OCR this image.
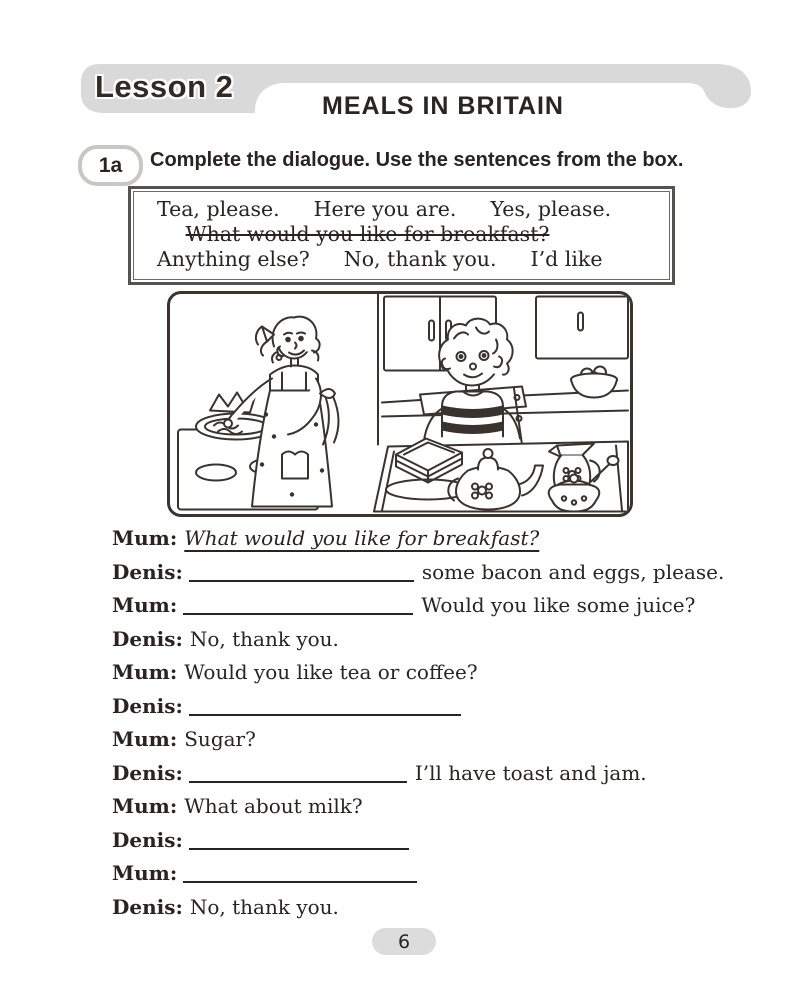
Lesson 2
MEALS IN BRITAIN
1a Complete the dialogue. Use the sentences from the box.
Tea, please. Here you are. Yes, please.
What would you like for breakfast?
Anything else? No, thank you. I’d like
Mum: What would you like for breakfast?
Denis:	some bacon and eggs, please.
Mum:	Would you like some juice?
Denis: No, thank you.
Mum: Would you like tea or coffee?
Denis:
Mum: Sugar?
Denis:	I’ll have toast and jam.
Mum: What about milk?
Denis:
Mum:
Denis: No, thank you.
6
